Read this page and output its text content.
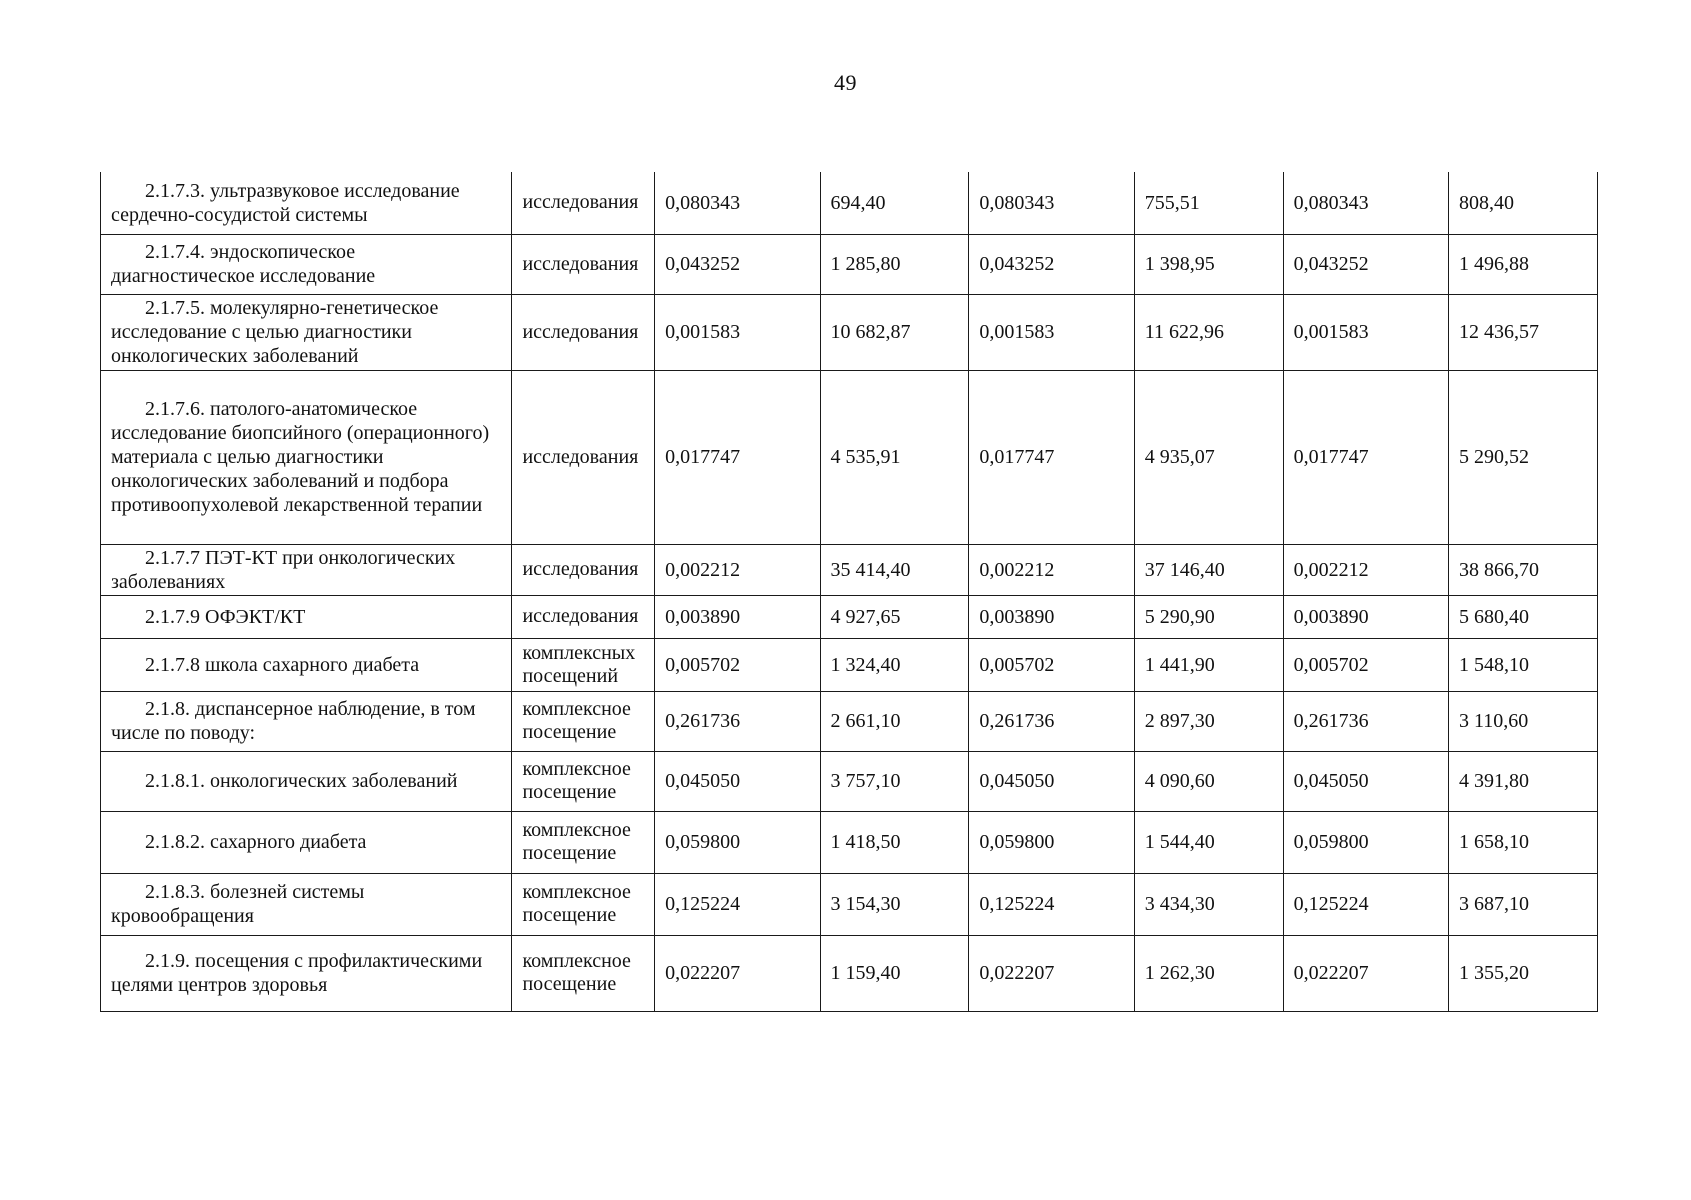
49
2.1.7.3. ультразвуковое исследование сердечно-сосудистой системы	исследования	0,080343	694,40	0,080343	755,51	0,080343	808,40
2.1.7.4. эндоскопическое диагностическое исследование	исследования	0,043252	1 285,80	0,043252	1 398,95	0,043252	1 496,88
2.1.7.5. молекулярно-генетическое исследование с целью диагностики онкологических заболеваний	исследования	0,001583	10 682,87	0,001583	11 622,96	0,001583	12 436,57
2.1.7.6. патолого-анатомическое исследование биопсийного (операционного) материала с целью диагностики онкологических заболеваний и подбора противоопухолевой лекарственной терапии	исследования	0,017747	4 535,91	0,017747	4 935,07	0,017747	5 290,52
2.1.7.7 ПЭТ-КТ при онкологических заболеваниях	исследования	0,002212	35 414,40	0,002212	37 146,40	0,002212	38 866,70
2.1.7.9 ОФЭКТ/КТ	исследования	0,003890	4 927,65	0,003890	5 290,90	0,003890	5 680,40
2.1.7.8 школа сахарного диабета	комплексных посещений	0,005702	1 324,40	0,005702	1 441,90	0,005702	1 548,10
2.1.8. диспансерное наблюдение, в том числе по поводу:	комплексное посещение	0,261736	2 661,10	0,261736	2 897,30	0,261736	3 110,60
2.1.8.1. онкологических заболеваний	комплексное посещение	0,045050	3 757,10	0,045050	4 090,60	0,045050	4 391,80
2.1.8.2. сахарного диабета	комплексное посещение	0,059800	1 418,50	0,059800	1 544,40	0,059800	1 658,10
2.1.8.3. болезней системы кровообращения	комплексное посещение	0,125224	3 154,30	0,125224	3 434,30	0,125224	3 687,10
2.1.9. посещения с профилактическими целями центров здоровья	комплексное посещение	0,022207	1 159,40	0,022207	1 262,30	0,022207	1 355,20
